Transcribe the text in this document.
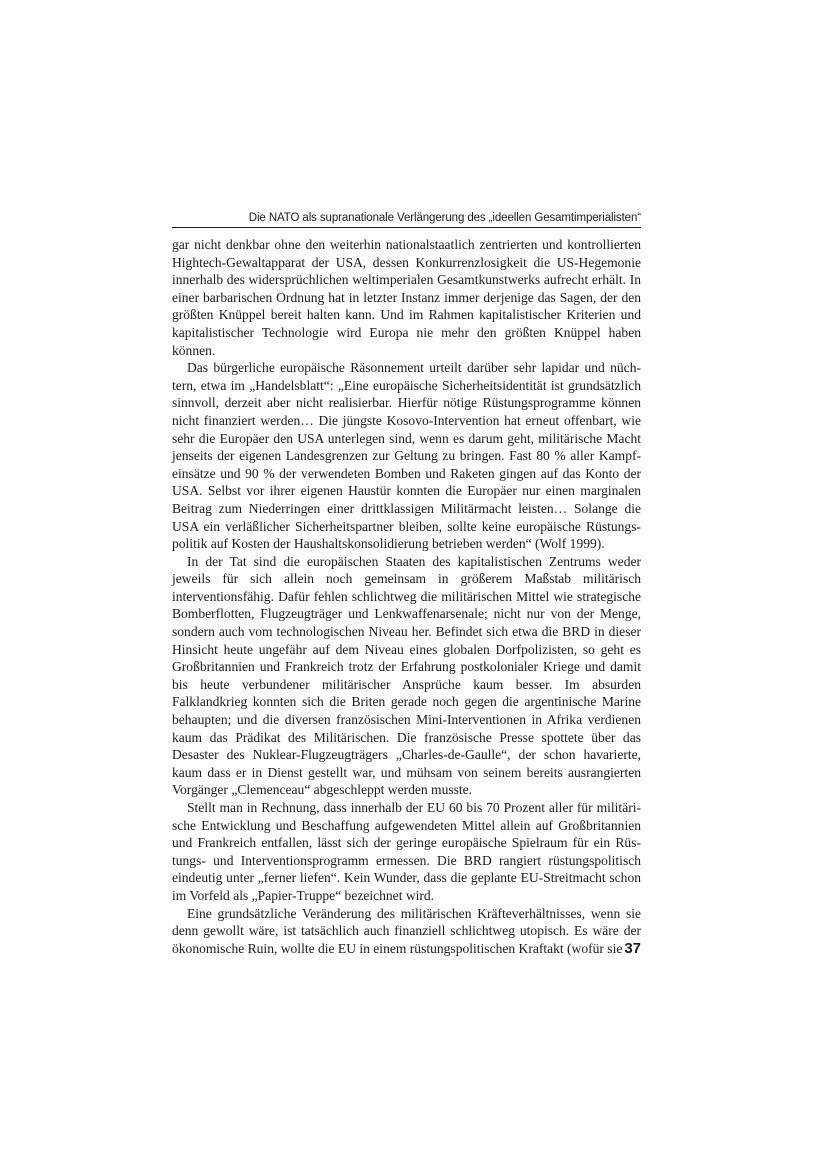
Die NATO als supranationale Verlängerung des „ideellen Gesamtimperialisten“

gar nicht denkbar ohne den weiterhin nationalstaatlich zentrierten und kontrollierten Hightech-Gewaltapparat der USA, dessen Konkurrenzlosigkeit die US-Hegemonie innerhalb des widersprüchlichen weltimperialen Gesamtkunstwerks aufrecht erhält. In einer barbarischen Ordnung hat in letzter Instanz immer derjenige das Sagen, der den größten Knüppel bereit halten kann. Und im Rahmen kapitalistischer Kriterien und kapitalistischer Technologie wird Europa nie mehr den größten Knüppel haben können.

Das bürgerliche europäische Räsonnement urteilt darüber sehr lapidar und nüchtern, etwa im „Handelsblatt“: „Eine europäische Sicherheitsidentität ist grundsätzlich sinnvoll, derzeit aber nicht realisierbar. Hierfür nötige Rüstungsprogramme können nicht finanziert werden… Die jüngste Kosovo-Intervention hat erneut offenbart, wie sehr die Europäer den USA unterlegen sind, wenn es darum geht, militärische Macht jenseits der eigenen Landesgrenzen zur Geltung zu bringen. Fast 80 % aller Kampfeinsätze und 90 % der verwendeten Bomben und Raketen gingen auf das Konto der USA. Selbst vor ihrer eigenen Haustür konnten die Europäer nur einen marginalen Beitrag zum Niederringen einer drittklassigen Militärmacht leisten… Solange die USA ein verläßlicher Sicherheitspartner bleiben, sollte keine europäische Rüstungspolitik auf Kosten der Haushaltskonsolidierung betrieben werden“ (Wolf 1999).

In der Tat sind die europäischen Staaten des kapitalistischen Zentrums weder jeweils für sich allein noch gemeinsam in größerem Maßstab militärisch interventionsfähig. Dafür fehlen schlichtweg die militärischen Mittel wie strategische Bomberflotten, Flugzeugträger und Lenkwaffenarsenale; nicht nur von der Menge, sondern auch vom technologischen Niveau her. Befindet sich etwa die BRD in dieser Hinsicht heute ungefähr auf dem Niveau eines globalen Dorfpolizisten, so geht es Großbritannien und Frankreich trotz der Erfahrung postkolonialer Kriege und damit bis heute verbundener militärischer Ansprüche kaum besser. Im absurden Falklandkrieg konnten sich die Briten gerade noch gegen die argentinische Marine behaupten; und die diversen französischen Mini-Interventionen in Afrika verdienen kaum das Prädikat des Militärischen. Die französische Presse spottete über das Desaster des Nuklear-Flugzeugträgers „Charles-de-Gaulle“, der schon havarierte, kaum dass er in Dienst gestellt war, und mühsam von seinem bereits ausrangierten Vorgänger „Clemenceau“ abgeschleppt werden musste.

Stellt man in Rechnung, dass innerhalb der EU 60 bis 70 Prozent aller für militärische Entwicklung und Beschaffung aufgewendeten Mittel allein auf Großbritannien und Frankreich entfallen, lässt sich der geringe europäische Spielraum für ein Rüstungs- und Interventionsprogramm ermessen. Die BRD rangiert rüstungspolitisch eindeutig unter „ferner liefen“. Kein Wunder, dass die geplante EU-Streitmacht schon im Vorfeld als „Papier-Truppe“ bezeichnet wird.

Eine grundsätzliche Veränderung des militärischen Kräfteverhältnisses, wenn sie denn gewollt wäre, ist tatsächlich auch finanziell schlichtweg utopisch. Es wäre der ökonomische Ruin, wollte die EU in einem rüstungspolitischen Kraftakt (wofür sie 37
